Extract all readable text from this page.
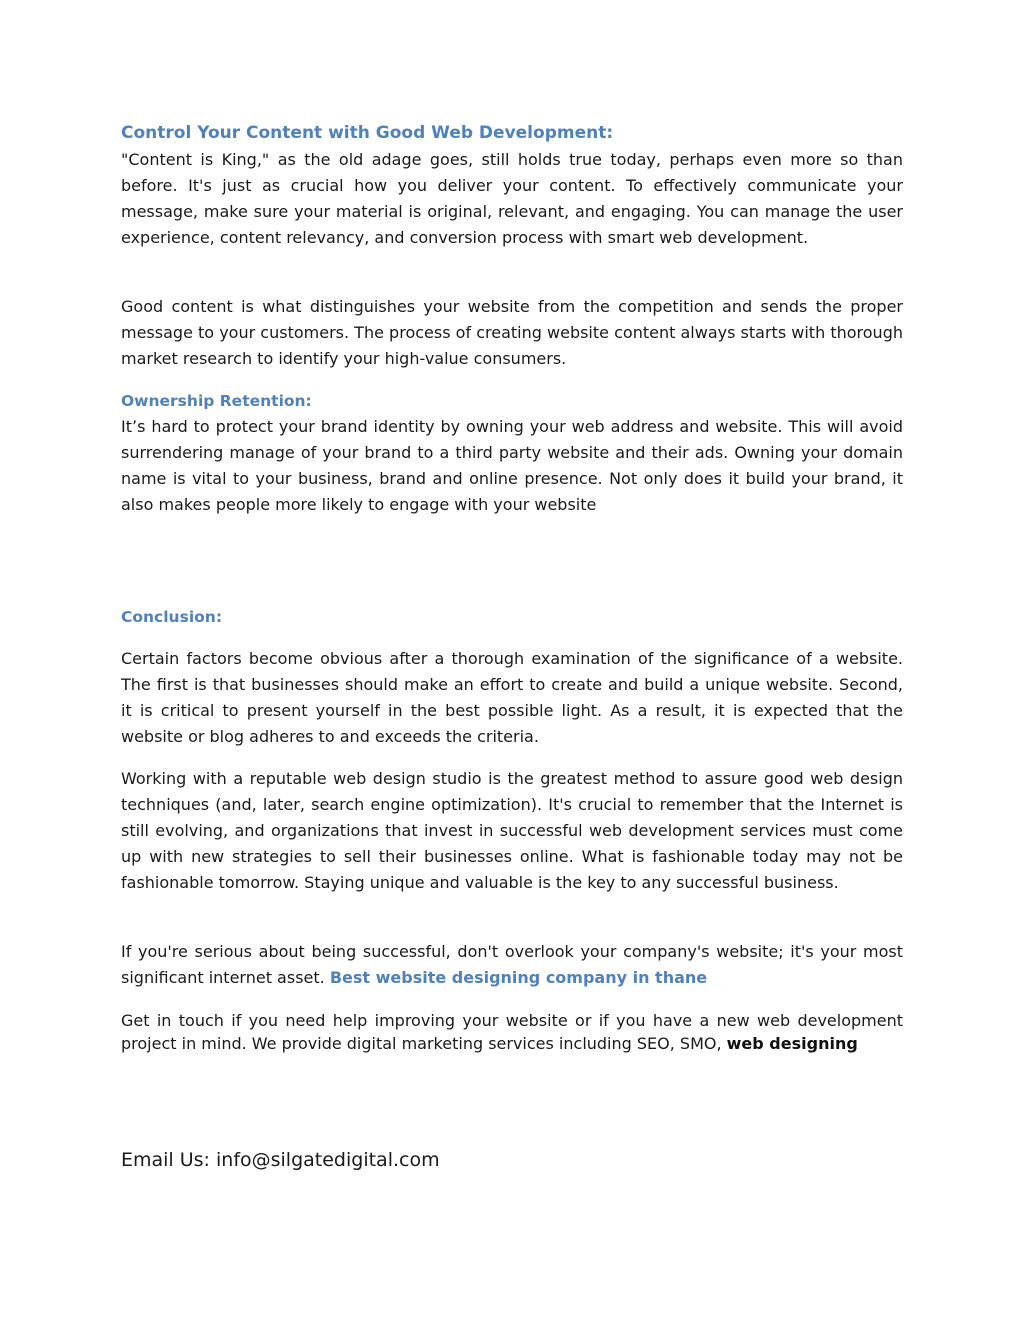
Control Your Content with Good Web Development:

"Content is King," as the old adage goes, still holds true today, perhaps even more so than before. It's just as crucial how you deliver your content. To effectively communicate your message, make sure your material is original, relevant, and engaging. You can manage the user experience, content relevancy, and conversion process with smart web development.

Good content is what distinguishes your website from the competition and sends the proper message to your customers. The process of creating website content always starts with thorough market research to identify your high-value consumers.

Ownership Retention:

It’s hard to protect your brand identity by owning your web address and website. This will avoid surrendering manage of your brand to a third party website and their ads. Owning your domain name is vital to your business, brand and online presence. Not only does it build your brand, it also makes people more likely to engage with your website

Conclusion:

Certain factors become obvious after a thorough examination of the significance of a website. The first is that businesses should make an effort to create and build a unique website. Second, it is critical to present yourself in the best possible light. As a result, it is expected that the website or blog adheres to and exceeds the criteria.

Working with a reputable web design studio is the greatest method to assure good web design techniques (and, later, search engine optimization). It's crucial to remember that the Internet is still evolving, and organizations that invest in successful web development services must come up with new strategies to sell their businesses online. What is fashionable today may not be fashionable tomorrow. Staying unique and valuable is the key to any successful business.

If you're serious about being successful, don't overlook your company's website; it's your most significant internet asset. Best website designing company in thane

Get in touch if you need help improving your website or if you have a new web development project in mind. We provide digital marketing services including SEO, SMO, web designing

Email Us: info@silgatedigital.com
